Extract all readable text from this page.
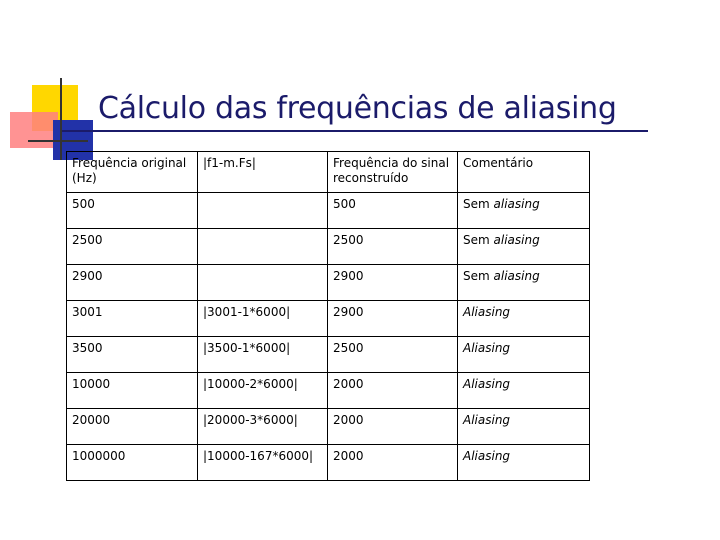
Cálculo das frequências de aliasing
Frequência original (Hz)	|f1-m.Fs|	Frequência do sinal reconstruído	Comentário
500		500	Sem aliasing
2500		2500	Sem aliasing
2900		2900	Sem aliasing
3001	|3001-1*6000|	2900	Aliasing
3500	|3500-1*6000|	2500	Aliasing
10000	|10000-2*6000|	2000	Aliasing
20000	|20000-3*6000|	2000	Aliasing
1000000	|10000-167*6000|	2000	Aliasing
